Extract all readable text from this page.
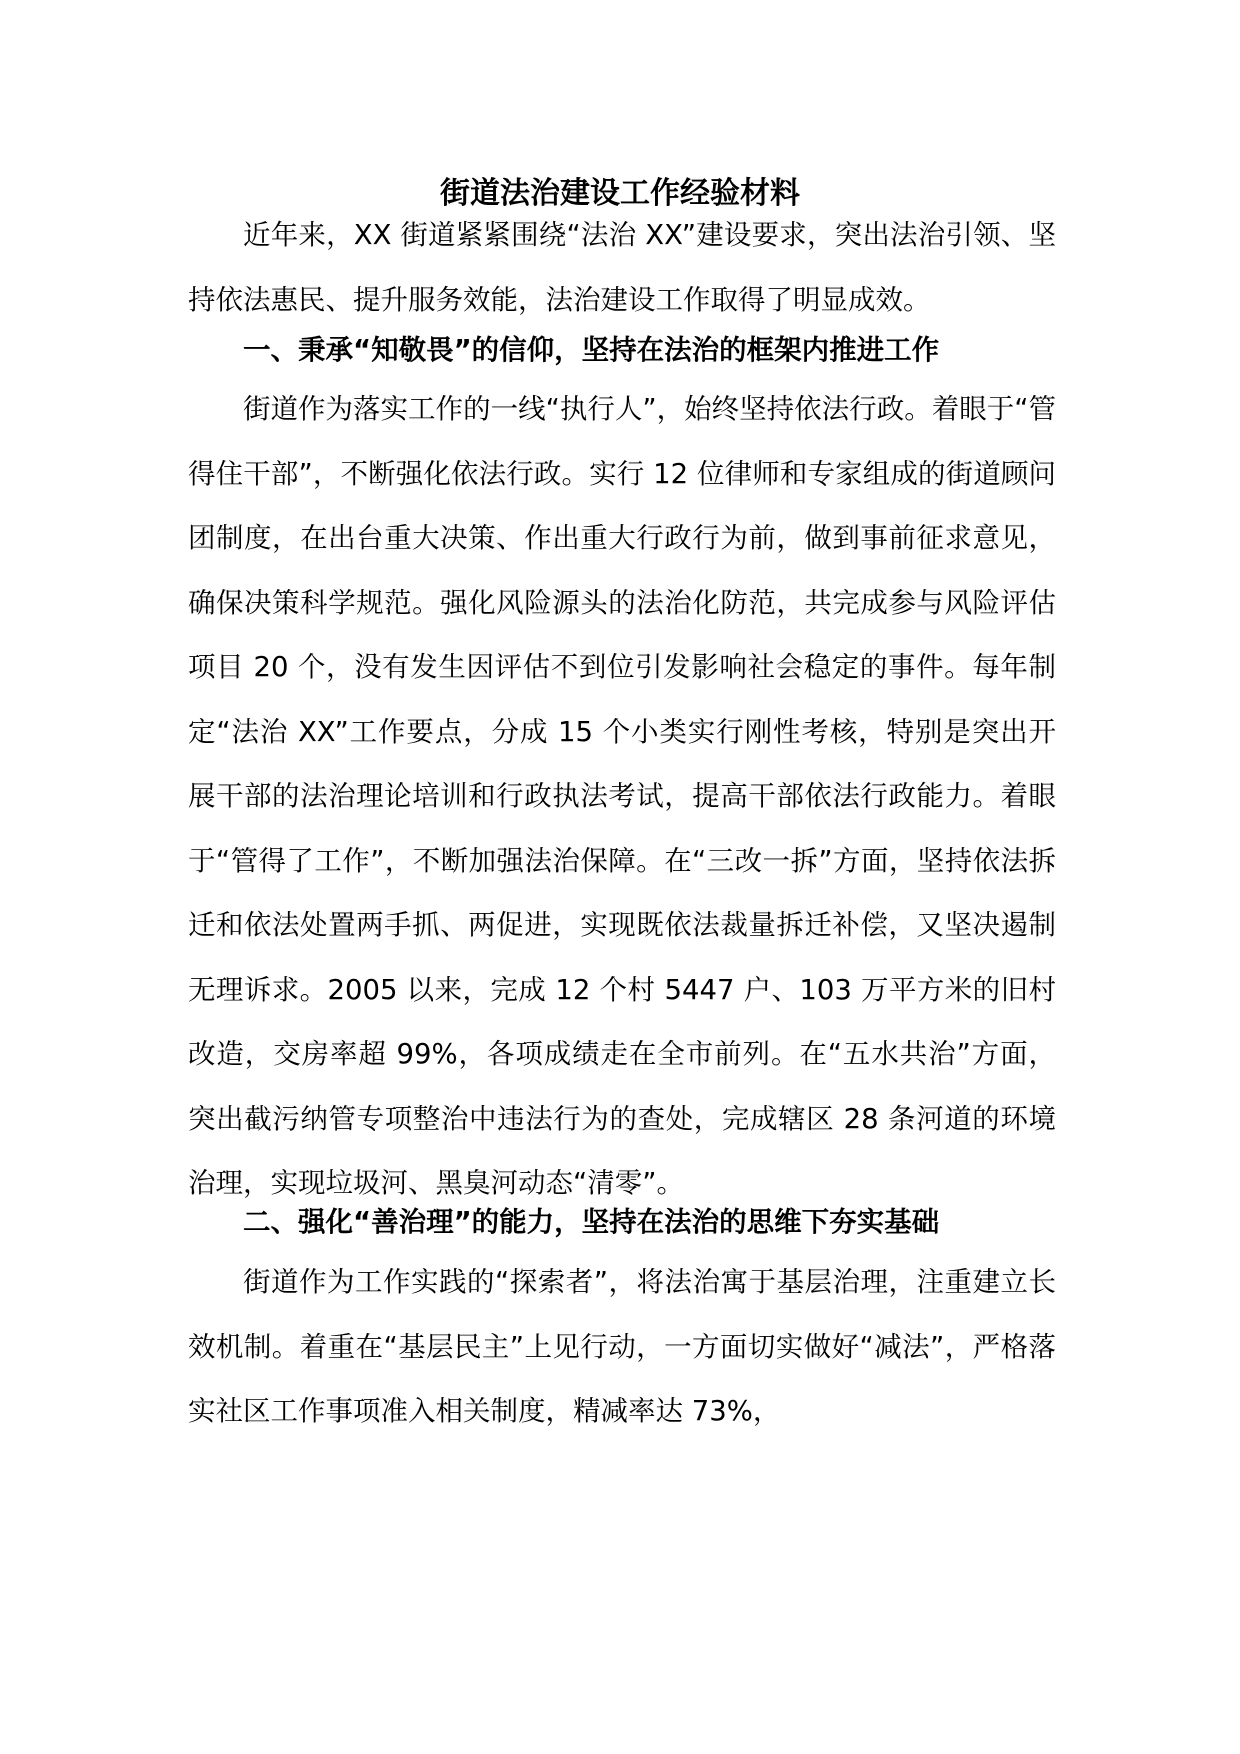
街道法治建设工作经验材料

近年来，XX 街道紧紧围绕“法治 XX”建设要求，突出法治引领、坚持依法惠民、提升服务效能，法治建设工作取得了明显成效。

一、秉承“知敬畏”的信仰，坚持在法治的框架内推进工作

街道作为落实工作的一线“执行人”，始终坚持依法行政。着眼于“管得住干部”，不断强化依法行政。实行 12 位律师和专家组成的街道顾问团制度，在出台重大决策、作出重大行政行为前，做到事前征求意见，确保决策科学规范。强化风险源头的法治化防范，共完成参与风险评估项目 20 个，没有发生因评估不到位引发影响社会稳定的事件。每年制定“法治 XX”工作要点，分成 15 个小类实行刚性考核，特别是突出开展干部的法治理论培训和行政执法考试，提高干部依法行政能力。着眼于“管得了工作”，不断加强法治保障。在“三改一拆”方面，坚持依法拆迁和依法处置两手抓、两促进，实现既依法裁量拆迁补偿，又坚决遏制无理诉求。2005 以来，完成 12 个村 5447 户、103 万平方米的旧村改造，交房率超 99%，各项成绩走在全市前列。在“五水共治”方面，突出截污纳管专项整治中违法行为的查处，完成辖区 28 条河道的环境治理，实现垃圾河、黑臭河动态“清零”。

二、强化“善治理”的能力，坚持在法治的思维下夯实基础

街道作为工作实践的“探索者”，将法治寓于基层治理，注重建立长效机制。着重在“基层民主”上见行动，一方面切实做好“减法”，严格落实社区工作事项准入相关制度，精减率达 73%，
